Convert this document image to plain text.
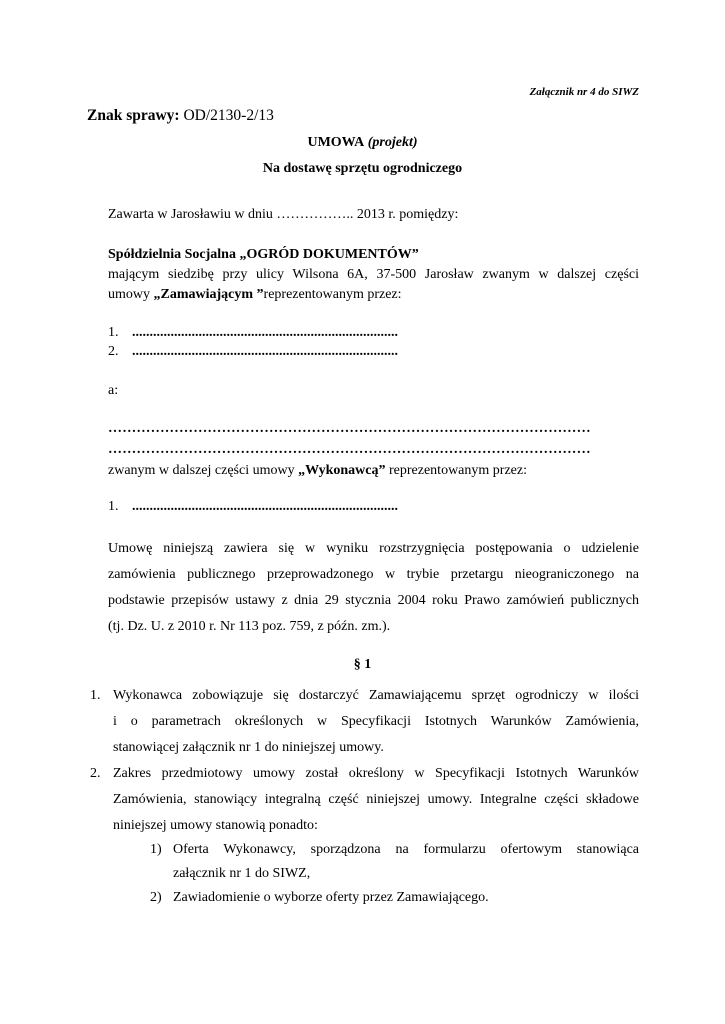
Załącznik nr 4 do SIWZ
Znak sprawy: OD/2130-2/13
UMOWA (projekt)
Na dostawę sprzętu ogrodniczego
Zawarta w Jarosławiu w dniu …………….. 2013 r. pomiędzy:
Spółdzielnia Socjalna „OGRÓD DOKUMENTÓW”
mającym siedzibę przy ulicy Wilsona 6A, 37-500 Jarosław zwanym w dalszej części
umowy „Zamawiającym ”reprezentowanym przez:
1. ............................................................................
2. ............................................................................
a:
…………………………………………………………………………………………
…………………………………………………………………………………………
zwanym w dalszej części umowy „Wykonawcą” reprezentowanym przez:
1. ............................................................................
Umowę niniejszą zawiera się w wyniku rozstrzygnięcia postępowania o udzielenie
zamówienia publicznego przeprowadzonego w trybie przetargu nieograniczonego na
podstawie przepisów ustawy z dnia 29 stycznia 2004 roku Prawo zamówień publicznych
(tj. Dz. U. z 2010 r. Nr 113 poz. 759, z późn. zm.).
§ 1
1. Wykonawca zobowiązuje się dostarczyć Zamawiającemu sprzęt ogrodniczy w ilości
i o parametrach określonych w Specyfikacji Istotnych Warunków Zamówienia,
stanowiącej załącznik nr 1 do niniejszej umowy.
2. Zakres przedmiotowy umowy został określony w Specyfikacji Istotnych Warunków
Zamówienia, stanowiący integralną część niniejszej umowy. Integralne części składowe
niniejszej umowy stanowią ponadto:
1) Oferta Wykonawcy, sporządzona na formularzu ofertowym stanowiąca
załącznik nr 1 do SIWZ,
2) Zawiadomienie o wyborze oferty przez Zamawiającego.
